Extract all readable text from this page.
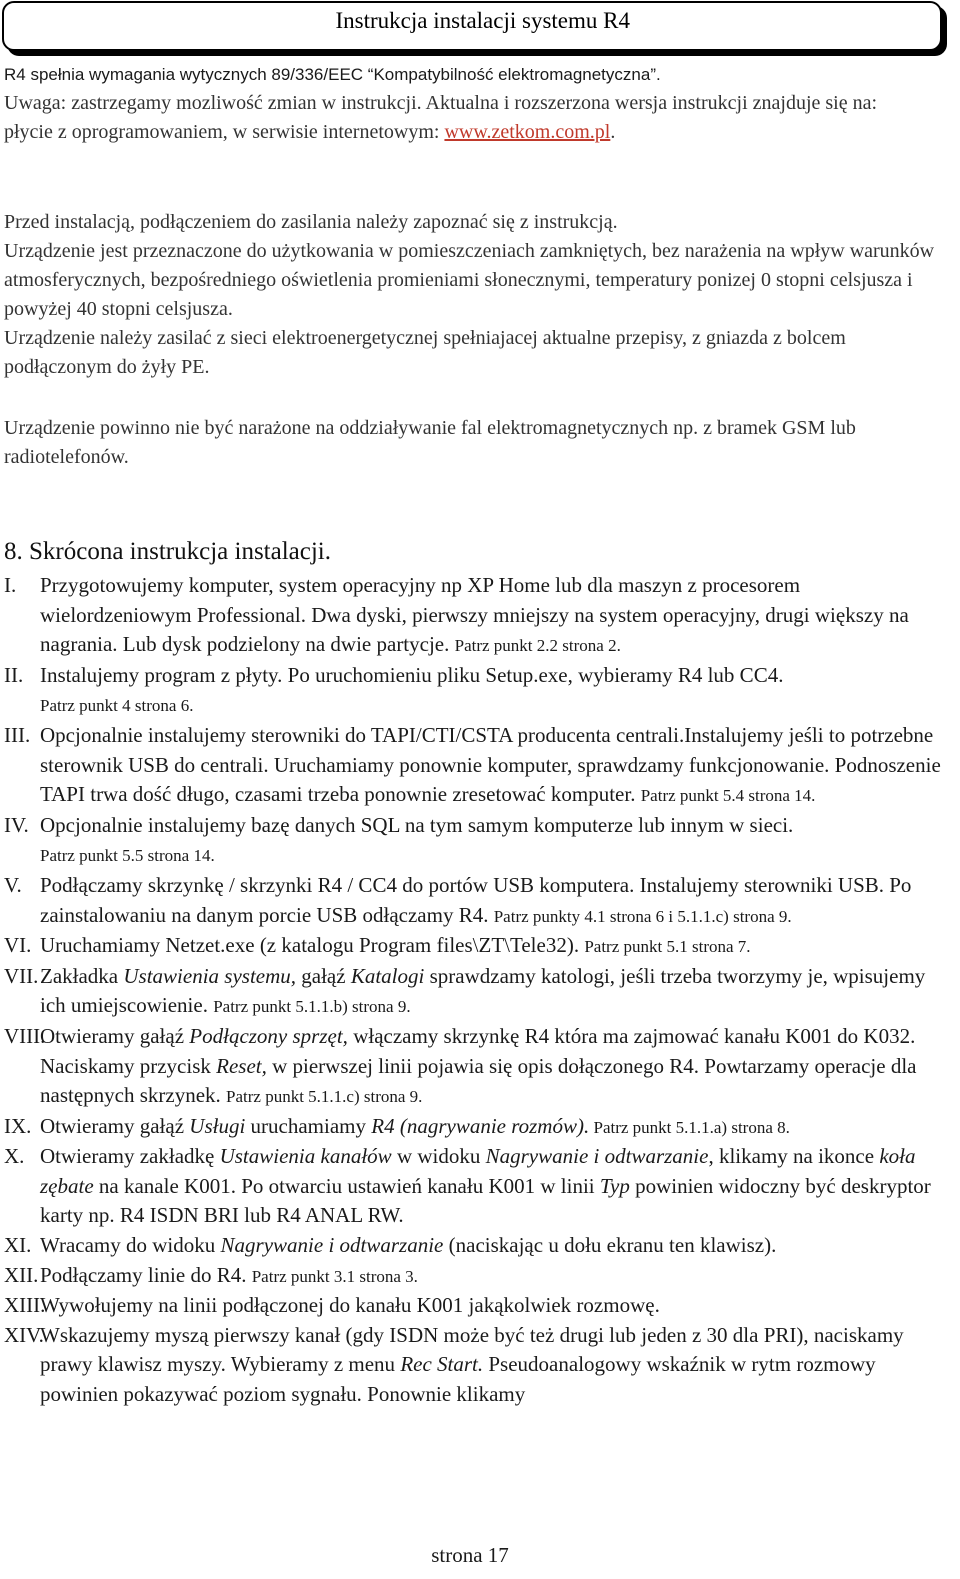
Instrukcja instalacji systemu R4
R4 spełnia wymagania wytycznych 89/336/EEC “Kompatybilność elektromagnetyczna”.
Uwaga: zastrzegamy mozliwość zmian w instrukcji. Aktualna i rozszerzona wersja instrukcji znajduje się na:
płycie z oprogramowaniem, w serwisie internetowym: www.zetkom.com.pl.
Przed instalacją, podłączeniem do zasilania należy zapoznać się z instrukcją.
Urządzenie jest przeznaczone do użytkowania w pomieszczeniach zamkniętych, bez narażenia na wpływ warunków atmosferycznych, bezpośredniego oświetlenia promieniami słonecznymi, temperatury ponizej 0 stopni celsjusza i powyżej 40 stopni celsjusza.
Urządzenie należy zasilać z sieci elektroenergetycznej spełniajacej aktualne przepisy, z gniazda z bolcem podłączonym do żyły PE.
Urządzenie powinno nie być narażone na oddziaływanie fal elektromagnetycznych np. z bramek GSM lub radiotelefonów.
8. Skrócona instrukcja instalacji.
I. Przygotowujemy komputer, system operacyjny np XP Home lub dla maszyn z procesorem wielordzeniowym Professional. Dwa dyski, pierwszy mniejszy na system operacyjny, drugi większy na nagrania. Lub dysk podzielony na dwie partycje. Patrz punkt 2.2 strona 2.
II. Instalujemy program z płyty. Po uruchomieniu pliku Setup.exe, wybieramy R4 lub CC4.
Patrz punkt 4 strona 6.
III. Opcjonalnie instalujemy sterowniki do TAPI/CTI/CSTA producenta centrali.Instalujemy jeśli to potrzebne sterownik USB do centrali. Uruchamiamy ponownie komputer, sprawdzamy funkcjonowanie. Podnoszenie TAPI trwa dość długo, czasami trzeba ponownie zresetować komputer. Patrz punkt 5.4 strona 14.
IV. Opcjonalnie instalujemy bazę danych SQL na tym samym komputerze lub innym w sieci.
Patrz punkt 5.5 strona 14.
V. Podłączamy skrzynkę / skrzynki R4 / CC4 do portów USB komputera. Instalujemy sterowniki USB. Po zainstalowaniu na danym porcie USB odłączamy R4. Patrz punkty 4.1 strona 6 i 5.1.1.c) strona 9.
VI. Uruchamiamy Netzet.exe (z katalogu Program files\ZT\Tele32). Patrz punkt 5.1 strona 7.
VII. Zakładka Ustawienia systemu, gałąź Katalogi sprawdzamy katologi, jeśli trzeba tworzymy je, wpisujemy ich umiejscowienie. Patrz punkt 5.1.1.b) strona 9.
VIII.
Otwieramy gałąź Podłączony sprzęt, włączamy skrzynkę R4 która ma zajmować kanału K001 do K032. Naciskamy przycisk Reset, w pierwszej linii pojawia się opis dołączonego R4. Powtarzamy operacje dla następnych skrzynek. Patrz punkt 5.1.1.c) strona 9.
IX. Otwieramy gałąź Usługi uruchamiamy R4 (nagrywanie rozmów). Patrz punkt 5.1.1.a) strona 8.
X. Otwieramy zakładkę Ustawienia kanałów w widoku Nagrywanie i odtwarzanie, klikamy na ikonce koła zębate na kanale K001. Po otwarciu ustawień kanału K001 w linii Typ powinien widoczny być deskryptor karty np. R4 ISDN BRI lub R4 ANAL RW.
XI. Wracamy do widoku Nagrywanie i odtwarzanie (naciskając u dołu ekranu ten klawisz).
XII. Podłączamy linie do R4. Patrz punkt 3.1 strona 3.
XIII.
Wywołujemy na linii podłączonej do kanału K001 jakąkolwiek rozmowę.
XIV.
Wskazujemy myszą pierwszy kanał (gdy ISDN może być też drugi lub jeden z 30 dla PRI), naciskamy prawy klawisz myszy. Wybieramy z menu Rec Start. Pseudoanalogowy wskaźnik w rytm rozmowy powinien pokazywać poziom sygnału. Ponownie klikamy
strona 17
